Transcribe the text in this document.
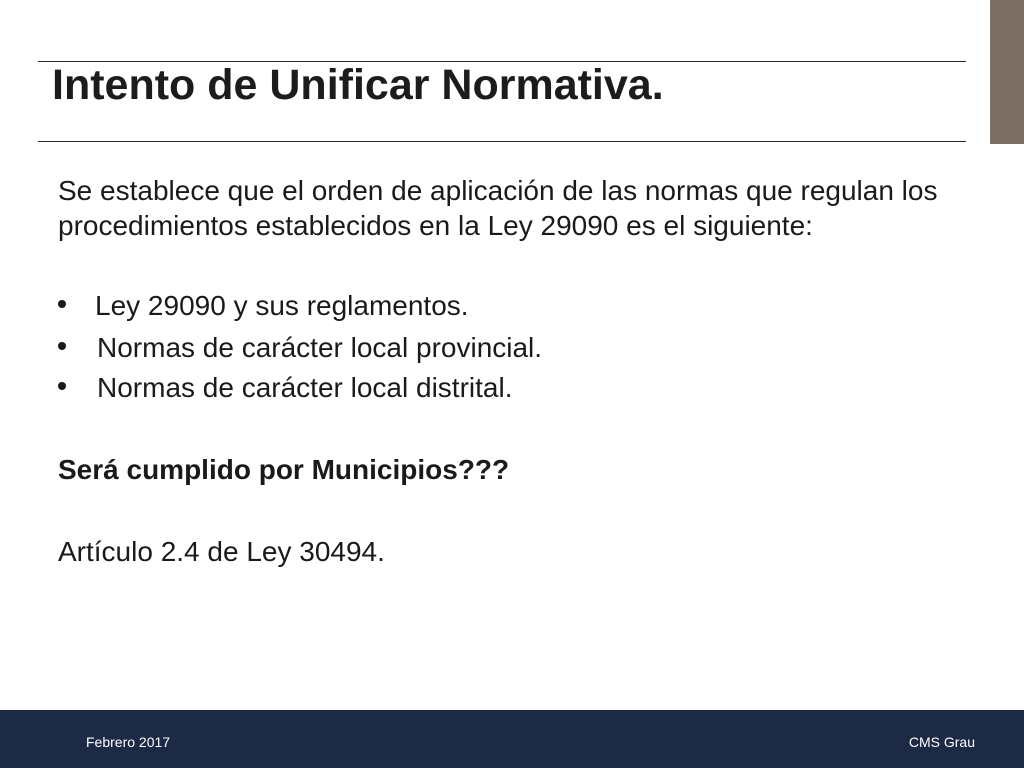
Intento de Unificar Normativa.
Se establece que el orden de aplicación de las normas que regulan los
procedimientos establecidos en la Ley 29090 es el siguiente:
Ley 29090 y sus reglamentos.
Normas de carácter local provincial.
Normas de carácter local distrital.
Será cumplido por Municipios???
Artículo 2.4 de Ley 30494.
Febrero 2017	CMS Grau
